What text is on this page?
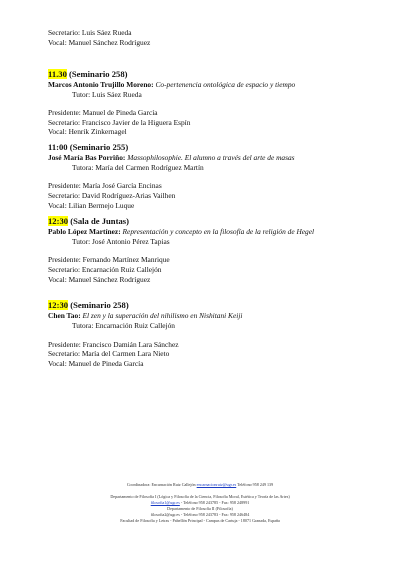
Secretario: Luis Sáez Rueda
Vocal: Manuel Sánchez Rodríguez
11.30 (Seminario 258)
Marcos Antonio Trujillo Moreno: Co-pertenencia ontológica de espacio y tiempo
Tutor: Luis Sáez Rueda
Presidente: Manuel de Pineda García
Secretario: Francisco Javier de la Higuera Espín
Vocal: Henrik Zinkernagel
11:00 (Seminario 255)
José María Bas Porriño: Massophilosophie. El alumno a través del arte de masas
Tutora: María del Carmen Rodríguez Martín
Presidente: María José García Encinas
Secretario: David Rodríguez-Arias Vailhen
Vocal: Lilian Bermejo Luque
12:30 (Sala de Juntas)
Pablo López Martínez: Representación y concepto en la filosofía de la religión de Hegel
Tutor: José Antonio Pérez Tapias
Presidente: Fernando Martínez Manrique
Secretario: Encarnación Ruiz Callejón
Vocal: Manuel Sánchez Rodríguez
12:30 (Seminario 258)
Chen Tao: El zen y la superación del nihilismo en Nishitani Keiji
Tutora: Encarnación Ruiz Callejón
Presidente: Francisco Damián Lara Sánchez
Secretario: María del Carmen Lara Nieto
Vocal: Manuel de Pineda García
Coordinadora: Encarnación Ruiz Callejón encarnacionruiz@ugr.es Teléfono 958 249 139
Departamento de Filosofía I (Lógica y Filosofía de la Ciencia, Filosofía Moral, Estética y Teoría de las Artes)
filosofia1@ugr.es - Teléfono 958 243785 - Fax: 958 248991
Departamento de Filosofía II (Filosofía)
filosofia2@ugr.es - Teléfono 958 243783 - Fax: 958 246484
Facultad de Filosofía y Letras - Pabellón Principal - Campus de Cartuja - 18071 Granada, España
